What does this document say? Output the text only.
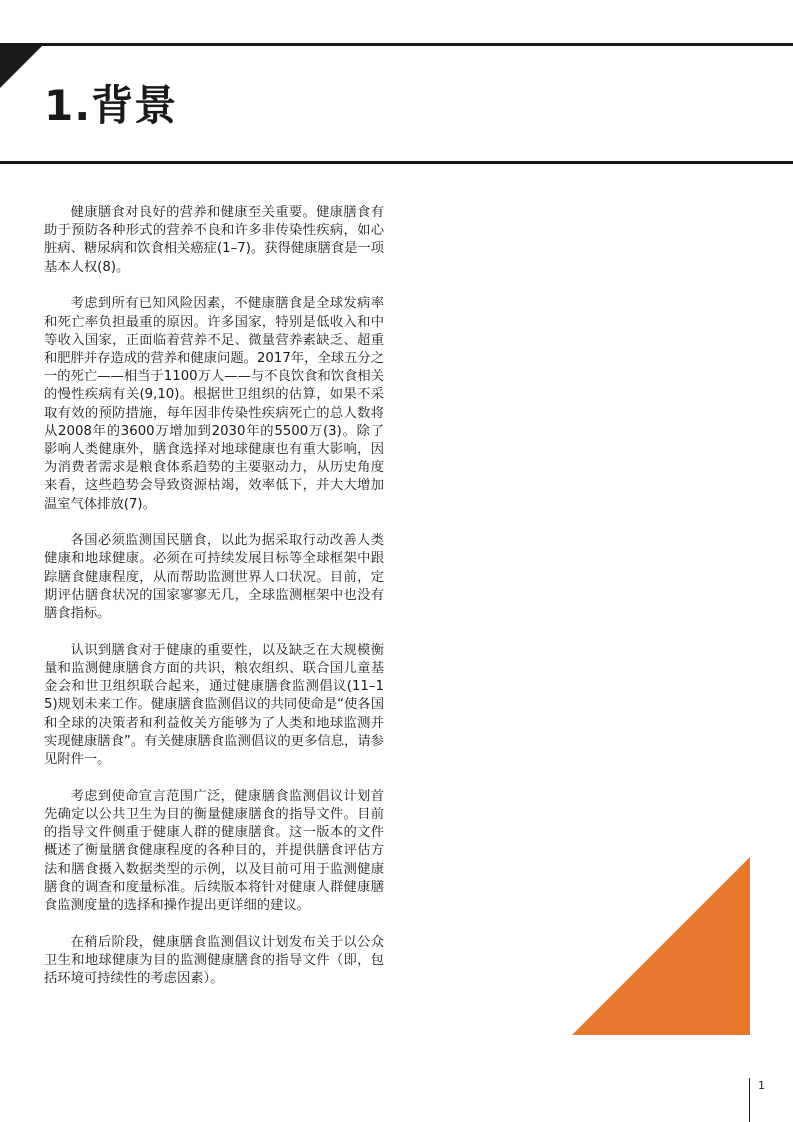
1.背景

健康膳食对良好的营养和健康至关重要。健康膳食有助于预防各种形式的营养不良和许多非传染性疾病，如心脏病、糖尿病和饮食相关癌症(1–7)。获得健康膳食是一项基本人权(8)。

考虑到所有已知风险因素，不健康膳食是全球发病率和死亡率负担最重的原因。许多国家，特别是低收入和中等收入国家，正面临着营养不足、微量营养素缺乏、超重和肥胖并存造成的营养和健康问题。2017年，全球五分之一的死亡——相当于1100万人——与不良饮食和饮食相关的慢性疾病有关(9,10)。根据世卫组织的估算，如果不采取有效的预防措施，每年因非传染性疾病死亡的总人数将从2008年的3600万增加到2030年的5500万(3)。除了影响人类健康外，膳食选择对地球健康也有重大影响，因为消费者需求是粮食体系趋势的主要驱动力，从历史角度来看，这些趋势会导致资源枯竭，效率低下，并大大增加温室气体排放(7)。

各国必须监测国民膳食，以此为据采取行动改善人类健康和地球健康。必须在可持续发展目标等全球框架中跟踪膳食健康程度，从而帮助监测世界人口状况。目前，定期评估膳食状况的国家寥寥无几，全球监测框架中也没有膳食指标。

认识到膳食对于健康的重要性，以及缺乏在大规模衡量和监测健康膳食方面的共识，粮农组织、联合国儿童基金会和世卫组织联合起来，通过健康膳食监测倡议(11–15)规划未来工作。健康膳食监测倡议的共同使命是“使各国和全球的决策者和利益攸关方能够为了人类和地球监测并实现健康膳食”。有关健康膳食监测倡议的更多信息，请参见附件一。

考虑到使命宣言范围广泛，健康膳食监测倡议计划首先确定以公共卫生为目的衡量健康膳食的指导文件。目前的指导文件侧重于健康人群的健康膳食。这一版本的文件概述了衡量膳食健康程度的各种目的，并提供膳食评估方法和膳食摄入数据类型的示例，以及目前可用于监测健康膳食的调查和度量标准。后续版本将针对健康人群健康膳食监测度量的选择和操作提出更详细的建议。

在稍后阶段，健康膳食监测倡议计划发布关于以公众卫生和地球健康为目的监测健康膳食的指导文件（即，包括环境可持续性的考虑因素）。

1
